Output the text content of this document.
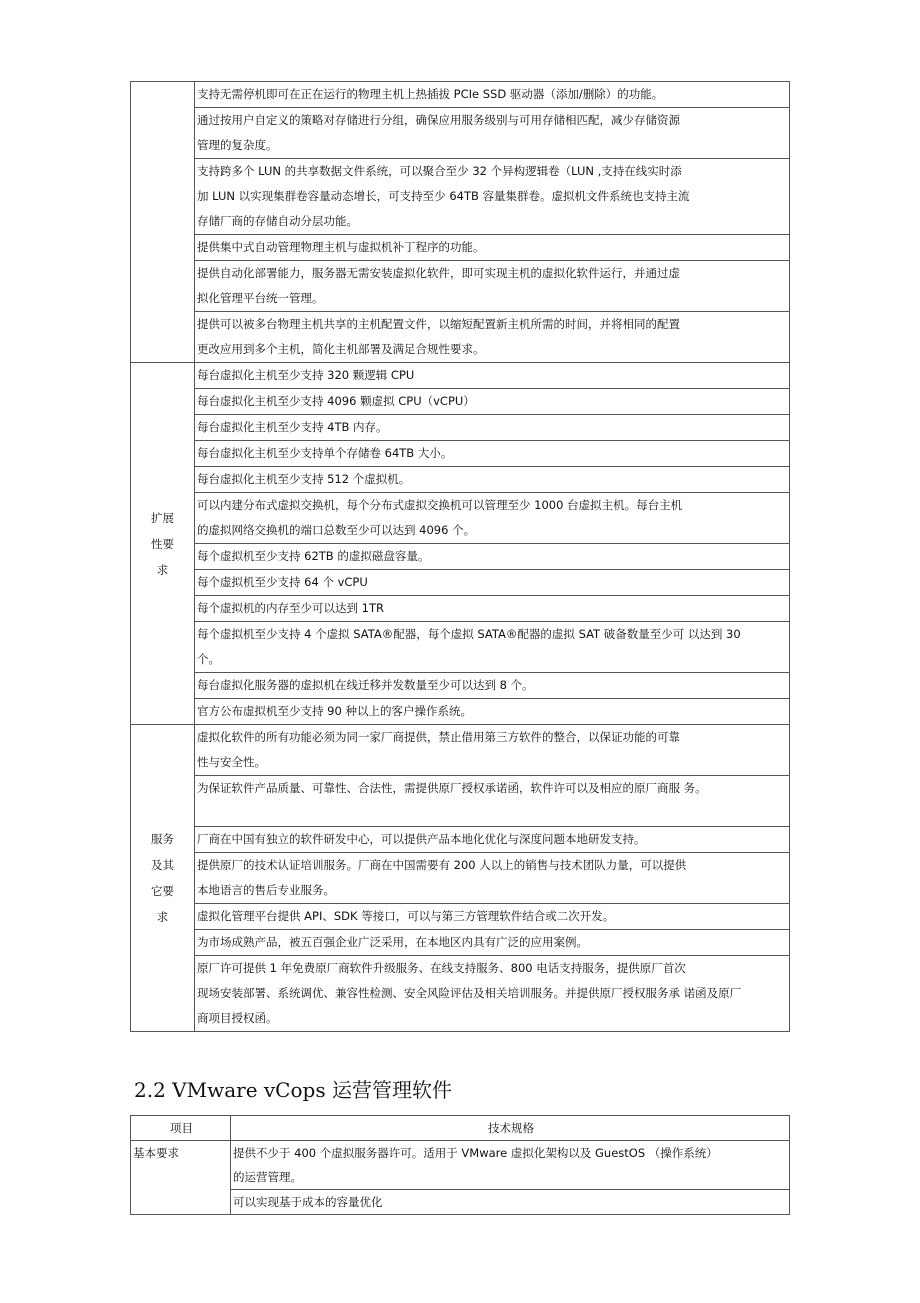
	支持无需停机即可在正在运行的物理主机上热插拔 PCIe SSD 驱动器（添加/删除）的功能。

	通过按用户自定义的策略对存储进行分组，确保应用服务级别与可用存储相匹配，减少存储资源
管理的复杂度。

	支持跨多个 LUN 的共享数据文件系统，可以聚合至少 32 个异构逻辑卷（LUN ,支持在线实时添
加 LUN 以实现集群卷容量动态增长，可支持至少 64TB 容量集群卷。虚拟机文件系统也支持主流
存储厂商的存储自动分层功能。

	提供集中式自动管理物理主机与虚拟机补丁程序的功能。

	提供自动化部署能力，服务器无需安装虚拟化软件，即可实现主机的虚拟化软件运行，并通过虚
拟化管理平台统一管理。

	提供可以被多台物理主机共享的主机配置文件，以缩短配置新主机所需的时间，并将相同的配置
更改应用到多个主机，简化主机部署及满足合规性要求。

扩展性要求	每台虚拟化主机至少支持 320 颗逻辑 CPU

	每台虚拟化主机至少支持 4096 颗虚拟 CPU（vCPU）

	每台虚拟化主机至少支持 4TB 内存。

	每台虚拟化主机至少支持单个存储卷 64TB 大小。

	每台虚拟化主机至少支持 512 个虚拟机。

	可以内建分布式虚拟交换机，每个分布式虚拟交换机可以管理至少 1000 台虚拟主机。每台主机
的虚拟网络交换机的端口总数至少可以达到 4096 个。

	每个虚拟机至少支持 62TB 的虚拟磁盘容量。

	每个虚拟机至少支持 64 个 vCPU

	每个虚拟机的内存至少可以达到 1TR

	每个虚拟机至少支持 4 个虚拟 SATA®配器，每个虚拟 SATA®配器的虚拟 SAT 破备数量至少可 以达到 30
个。

	每台虚拟化服务器的虚拟机在线迁移并发数量至少可以达到 8 个。

	官方公布虚拟机至少支持 90 种以上的客户操作系统。

服务及其它要求	虚拟化软件的所有功能必须为同一家厂商提供，禁止借用第三方软件的整合，以保证功能的可靠
性与安全性。

	为保证软件产品质量、可靠性、合法性，需提供原厂授权承诺函，软件许可以及相应的原厂商服 务。

	厂商在中国有独立的软件研发中心，可以提供产品本地化优化与深度问题本地研发支持。

	提供原厂的技术认证培训服务。厂商在中国需要有 200 人以上的销售与技术团队力量，可以提供
本地语言的售后专业服务。

	虚拟化管理平台提供 API、SDK 等接口，可以与第三方管理软件结合或二次开发。

	为市场成熟产品，被五百强企业广泛采用，在本地区内具有广泛的应用案例。

	原厂许可提供 1 年免费原厂商软件升级服务、在线支持服务、800 电话支持服务，提供原厂首次
现场安装部署、系统调优、兼容性检测、安全风险评估及相关培训服务。并提供原厂授权服务承 诺函及原厂
商项目授权函。
2.2 VMware vCops 运营管理软件
项目	技术规格
基本要求	提供不少于 400 个虚拟服务器许可。适用于 VMware 虚拟化架构以及 GuestOS （操作系统）
的运营管理。

	可以实现基于成本的容量优化
